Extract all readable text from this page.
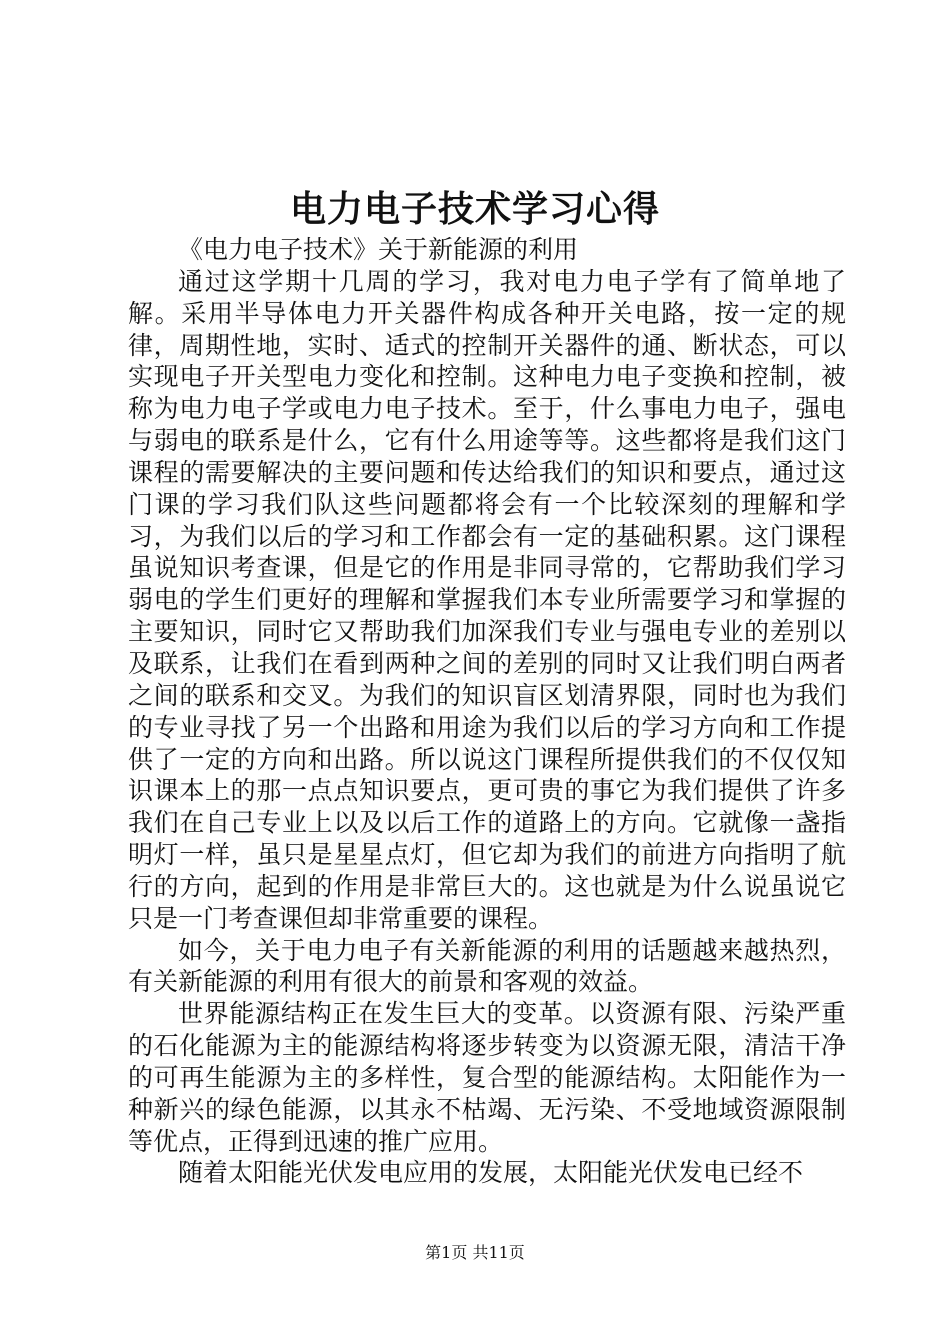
电力电子技术学习心得

《电力电子技术》关于新能源的利用

通过这学期十几周的学习，我对电力电子学有了简单地了解。采用半导体电力开关器件构成各种开关电路，按一定的规律，周期性地，实时、适式的控制开关器件的通、断状态，可以实现电子开关型电力变化和控制。这种电力电子变换和控制，被称为电力电子学或电力电子技术。至于，什么事电力电子，强电与弱电的联系是什么，它有什么用途等等。这些都将是我们这门课程的需要解决的主要问题和传达给我们的知识和要点，通过这门课的学习我们队这些问题都将会有一个比较深刻的理解和学习，为我们以后的学习和工作都会有一定的基础积累。这门课程虽说知识考查课，但是它的作用是非同寻常的，它帮助我们学习弱电的学生们更好的理解和掌握我们本专业所需要学习和掌握的主要知识，同时它又帮助我们加深我们专业与强电专业的差别以及联系，让我们在看到两种之间的差别的同时又让我们明白两者之间的联系和交叉。为我们的知识盲区划清界限，同时也为我们的专业寻找了另一个出路和用途为我们以后的学习方向和工作提供了一定的方向和出路。所以说这门课程所提供我们的不仅仅知识课本上的那一点点知识要点，更可贵的事它为我们提供了许多我们在自己专业上以及以后工作的道路上的方向。它就像一盏指明灯一样，虽只是星星点灯，但它却为我们的前进方向指明了航行的方向，起到的作用是非常巨大的。这也就是为什么说虽说它只是一门考查课但却非常重要的课程。

如今，关于电力电子有关新能源的利用的话题越来越热烈，有关新能源的利用有很大的前景和客观的效益。

世界能源结构正在发生巨大的变革。以资源有限、污染严重的石化能源为主的能源结构将逐步转变为以资源无限，清洁干净的可再生能源为主的多样性，复合型的能源结构。太阳能作为一种新兴的绿色能源，以其永不枯竭、无污染、不受地域资源限制等优点，正得到迅速的推广应用。

随着太阳能光伏发电应用的发展，太阳能光伏发电已经不

第1页 共11页
